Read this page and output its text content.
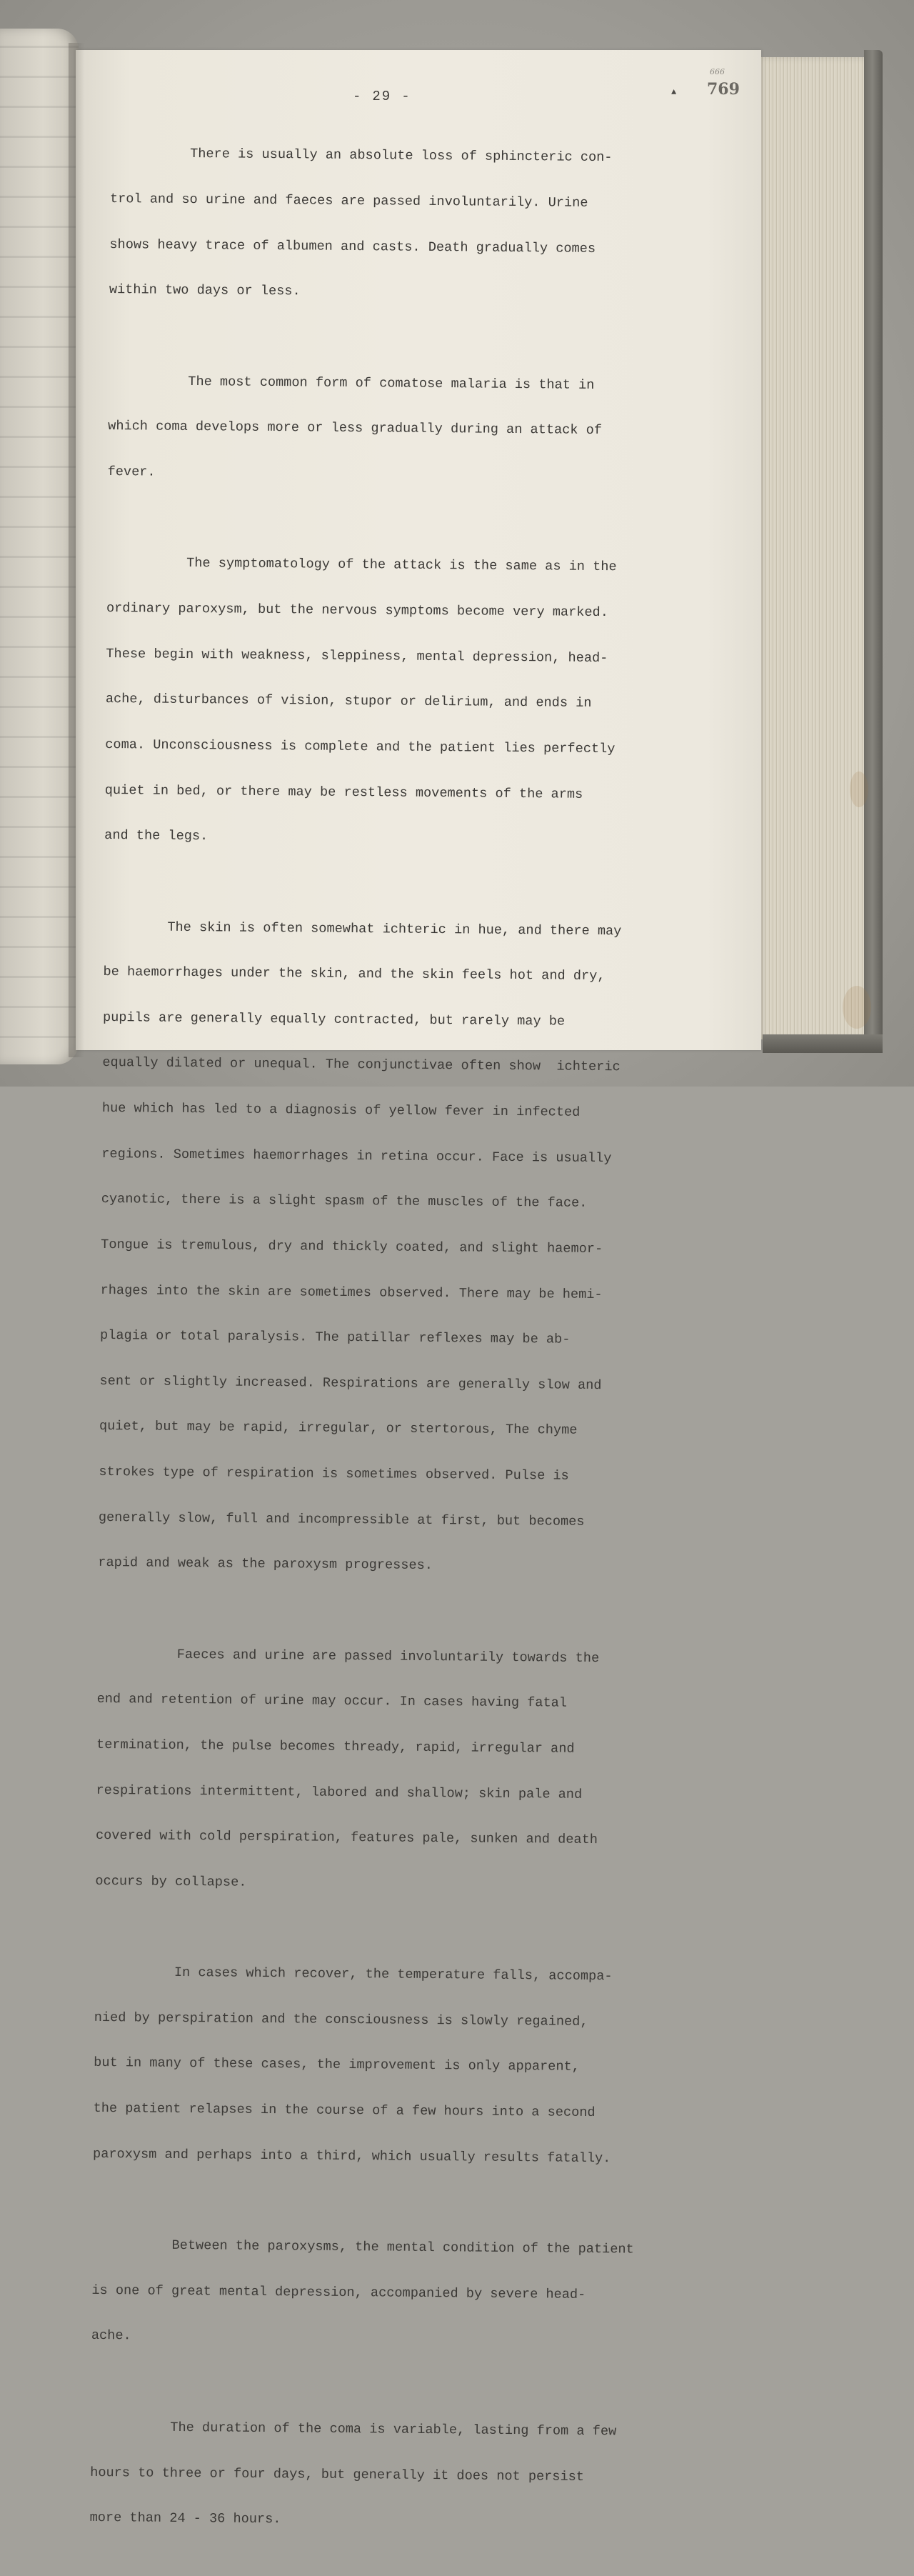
- 29 -	▲
666
769

There is usually an absolute loss of sphincteric con-

trol and so urine and faeces are passed involuntarily. Urine

shows heavy trace of albumen and casts. Death gradually comes

within two days or less.

The most common form of comatose malaria is that in

which coma develops more or less gradually during an attack of

fever.

The symptomatology of the attack is the same as in the

ordinary paroxysm, but the nervous symptoms become very marked.

These begin with weakness, sleppiness, mental depression, head-

ache, disturbances of vision, stupor or delirium, and ends in

coma. Unconsciousness is complete and the patient lies perfectly

quiet in bed, or there may be restless movements of the arms

and the legs.

The skin is often somewhat ichteric in hue, and there may

be haemorrhages under the skin, and the skin feels hot and dry,

pupils are generally equally contracted, but rarely may be

equally dilated or unequal. The conjunctivae often show  ichteric

hue which has led to a diagnosis of yellow fever in infected

regions. Sometimes haemorrhages in retina occur. Face is usually

cyanotic, there is a slight spasm of the muscles of the face.

Tongue is tremulous, dry and thickly coated, and slight haemor-

rhages into the skin are sometimes observed. There may be hemi-

plagia or total paralysis. The patillar reflexes may be ab-

sent or slightly increased. Respirations are generally slow and

quiet, but may be rapid, irregular, or stertorous, The chyme

strokes type of respiration is sometimes observed. Pulse is

generally slow, full and incompressible at first, but becomes

rapid and weak as the paroxysm progresses.

Faeces and urine are passed involuntarily towards the

end and retention of urine may occur. In cases having fatal

termination, the pulse becomes thready, rapid, irregular and

respirations intermittent, labored and shallow; skin pale and

covered with cold perspiration, features pale, sunken and death

occurs by collapse.

In cases which recover, the temperature falls, accompa-

nied by perspiration and the consciousness is slowly regained,

but in many of these cases, the improvement is only apparent,

the patient relapses in the course of a few hours into a second

paroxysm and perhaps into a third, which usually results fatally.

Between the paroxysms, the mental condition of the patient

is one of great mental depression, accompanied by severe head-

ache.

The duration of the coma is variable, lasting from a few

hours to three or four days, but generally it does not persist

more than 24 - 36 hours.
